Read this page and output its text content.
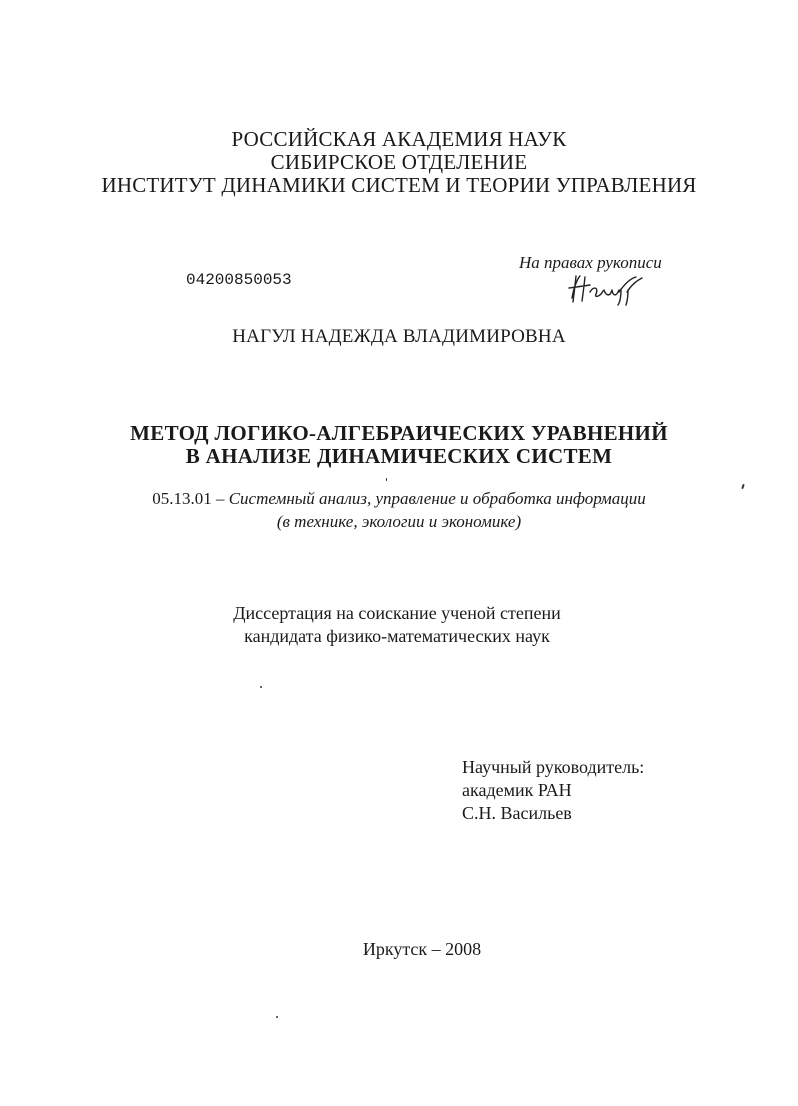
РОССИЙСКАЯ АКАДЕМИЯ НАУК
СИБИРСКОЕ ОТДЕЛЕНИЕ
ИНСТИТУТ ДИНАМИКИ СИСТЕМ И ТЕОРИИ УПРАВЛЕНИЯ
На правах рукописи
04200850053
НАГУЛ НАДЕЖДА ВЛАДИМИРОВНА
МЕТОД ЛОГИКО-АЛГЕБРАИЧЕСКИХ УРАВНЕНИЙ
В АНАЛИЗЕ ДИНАМИЧЕСКИХ СИСТЕМ
05.13.01 – Системный анализ, управление и обработка информации
(в технике, экологии и экономике)
Диссертация на соискание ученой степени
кандидата физико-математических наук
Научный руководитель:
академик РАН
С.Н. Васильев
Иркутск – 2008
